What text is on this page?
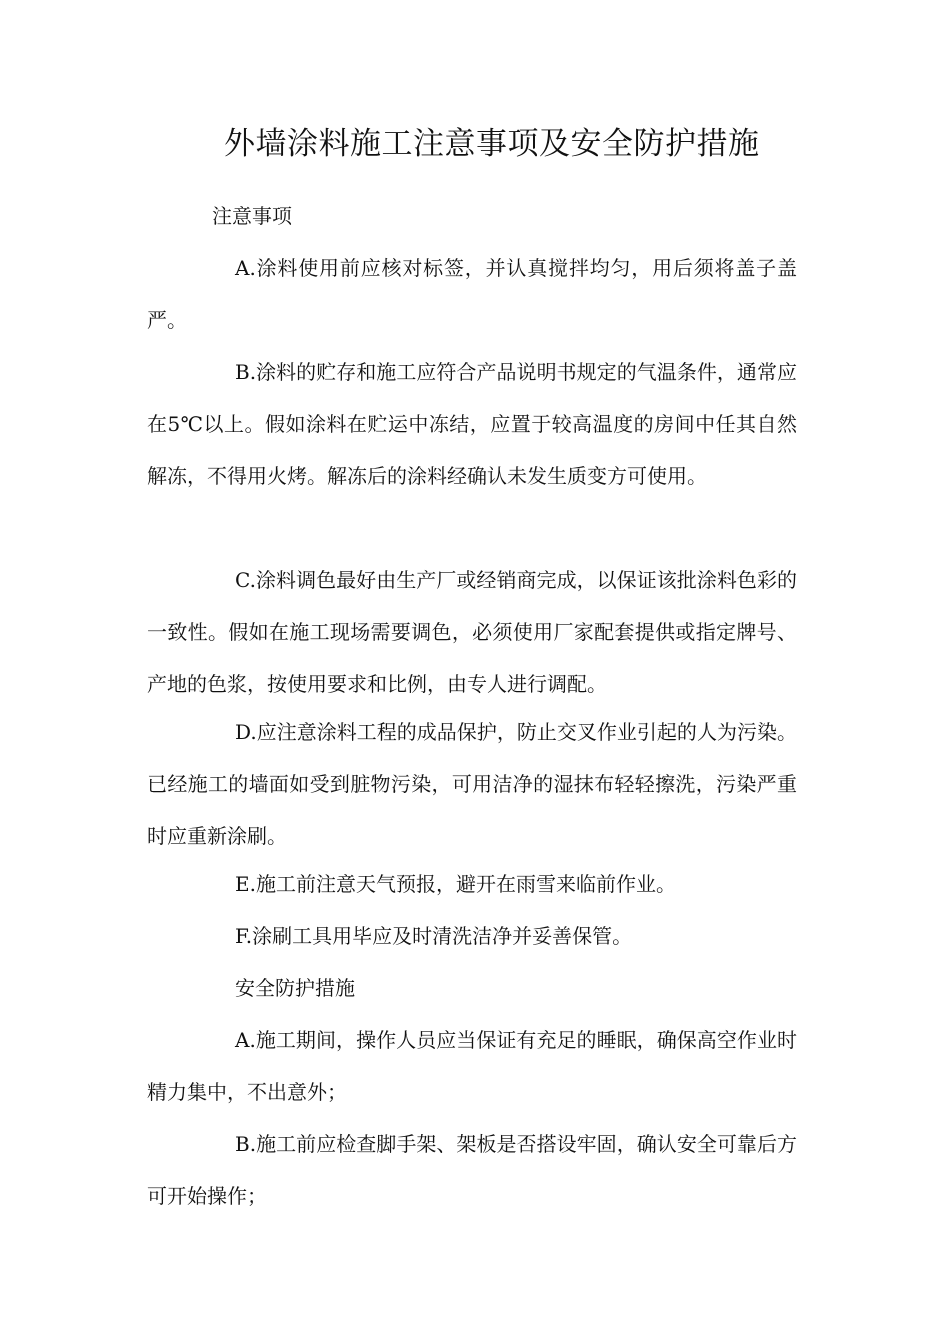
外墙涂料施工注意事项及安全防护措施

注意事项

A.涂料使用前应核对标签，并认真搅拌均匀，用后须将盖子盖严。

B.涂料的贮存和施工应符合产品说明书规定的气温条件，通常应在5℃以上。假如涂料在贮运中冻结，应置于较高温度的房间中任其自然解冻，不得用火烤。解冻后的涂料经确认未发生质变方可使用。

C.涂料调色最好由生产厂或经销商完成，以保证该批涂料色彩的一致性。假如在施工现场需要调色，必须使用厂家配套提供或指定牌号、产地的色浆，按使用要求和比例，由专人进行调配。

D.应注意涂料工程的成品保护，防止交叉作业引起的人为污染。已经施工的墙面如受到脏物污染，可用洁净的湿抹布轻轻擦洗，污染严重时应重新涂刷。

E.施工前注意天气预报，避开在雨雪来临前作业。

F.涂刷工具用毕应及时清洗洁净并妥善保管。

安全防护措施

A.施工期间，操作人员应当保证有充足的睡眠，确保高空作业时精力集中，不出意外；

B.施工前应检查脚手架、架板是否搭设牢固，确认安全可靠后方可开始操作；
